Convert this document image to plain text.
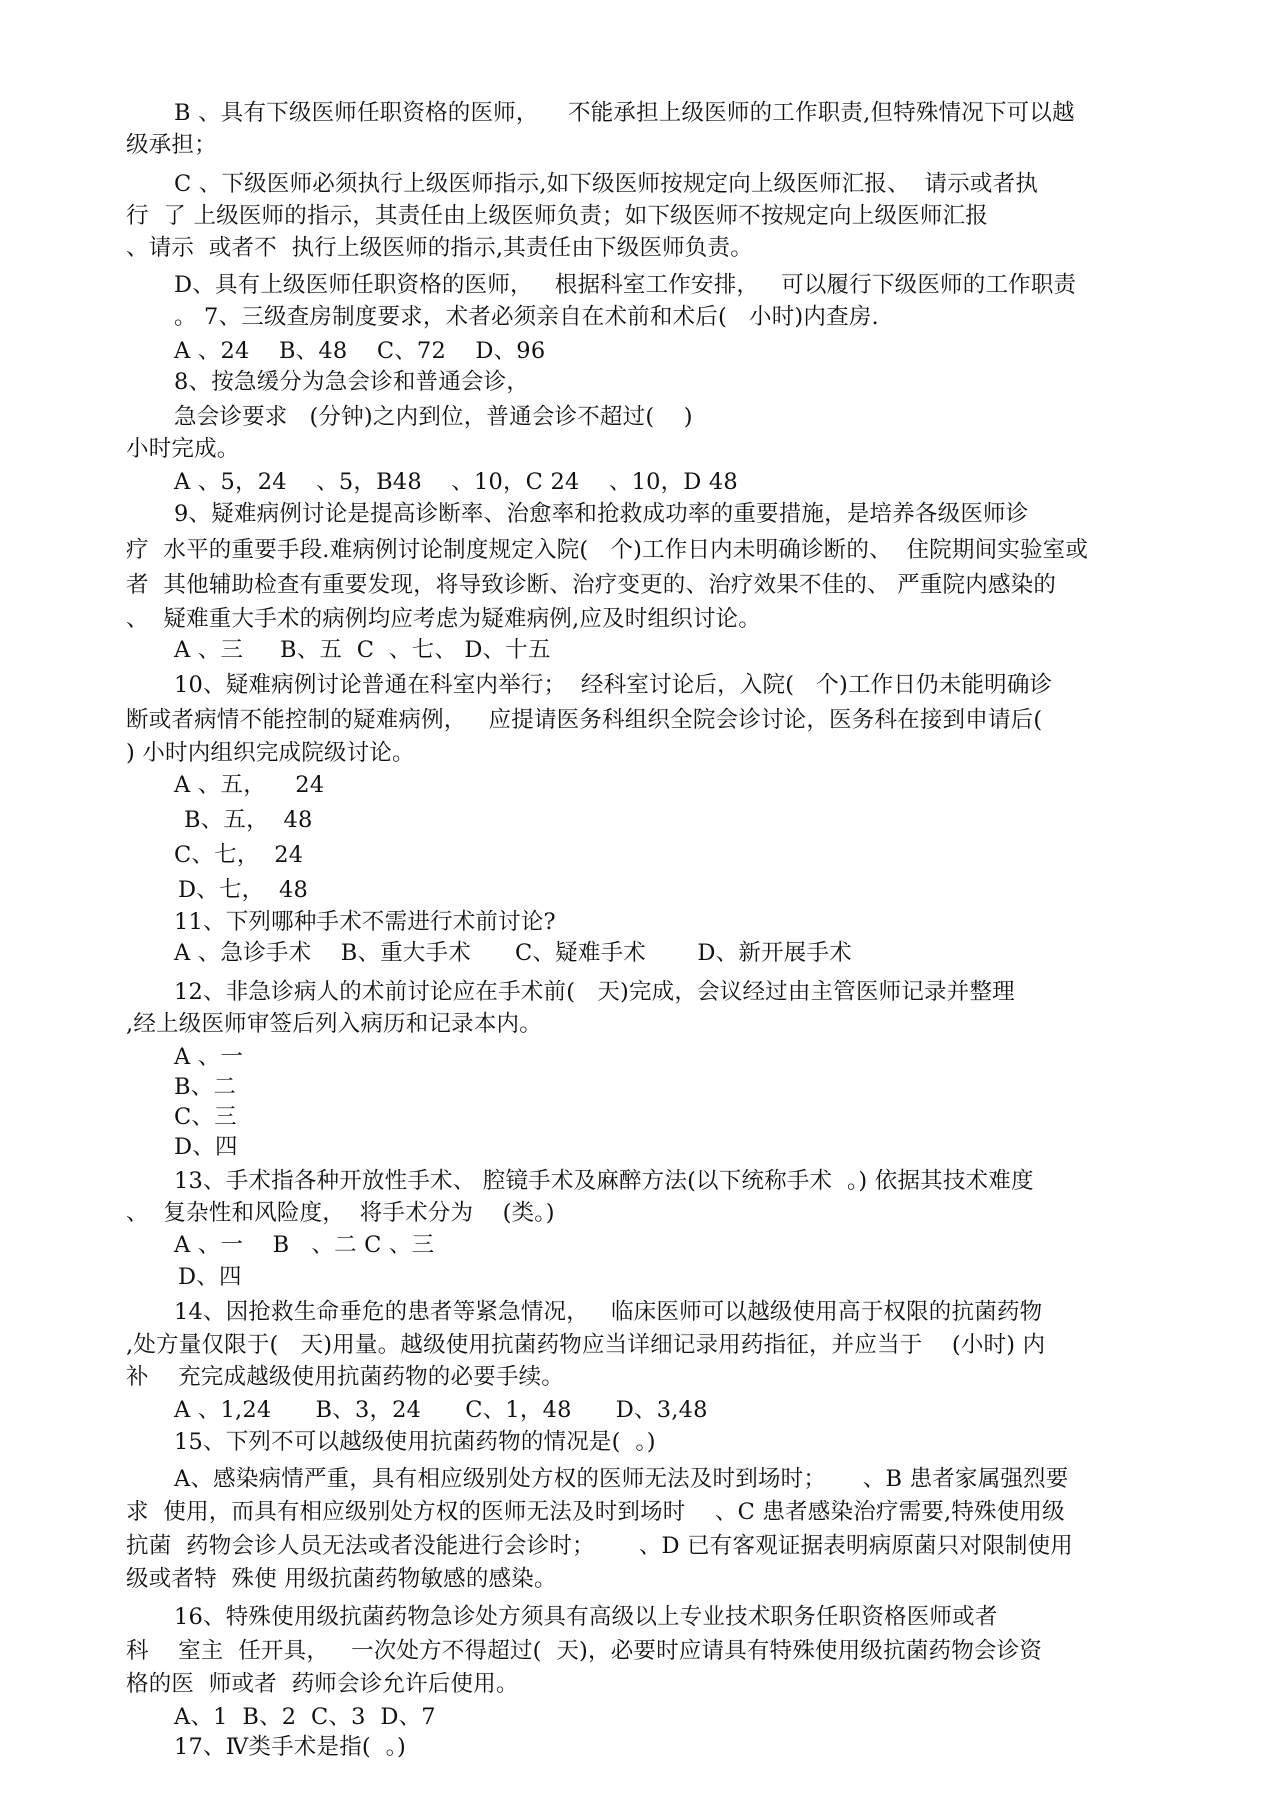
B 、具有下级医师任职资格的医师，    不能承担上级医师的工作职责,但特殊情况下可以越
级承担；
C 、下级医师必须执行上级医师指示,如下级医师按规定向上级医师汇报、  请示或者执
行  了 上级医师的指示，其责任由上级医师负责；如下级医师不按规定向上级医师汇报
、请示  或者不  执行上级医师的指示,其责任由下级医师负责。
D、具有上级医师任职资格的医师，   根据科室工作安排，   可以履行下级医师的工作职责
。 7、三级查房制度要求，术者必须亲自在术前和术后(   小时)内查房.
A 、24    B、48    C、72    D、96
8、按急缓分为急会诊和普通会诊，
急会诊要求   (分钟)之内到位，普通会诊不超过(    )
小时完成。
A 、5，24    、5，B48    、10，C 24    、10，D 48
9、疑难病例讨论是提高诊断率、治愈率和抢救成功率的重要措施，是培养各级医师诊
疗  水平的重要手段.难病例讨论制度规定入院(   个)工作日内未明确诊断的、  住院期间实验室或
者  其他辅助检查有重要发现，将导致诊断、治疗变更的、治疗效果不佳的、 严重院内感染的
、  疑难重大手术的病例均应考虑为疑难病例,应及时组织讨论。
A 、三     B、五  C  、七、 D、十五
10、疑难病例讨论普通在科室内举行；  经科室讨论后，入院(   个)工作日仍未能明确诊
断或者病情不能控制的疑难病例，   应提请医务科组织全院会诊讨论，医务科在接到申请后(
) 小时内组织完成院级讨论。
A 、五，    24
B、五，  48
C、七，  24
D、七，  48
11、下列哪种手术不需进行术前讨论?
A 、急诊手术    B、重大手术      C、疑难手术       D、新开展手术
12、非急诊病人的术前讨论应在手术前(   天)完成，会议经过由主管医师记录并整理
,经上级医师审签后列入病历和记录本内。
A 、一
B、二
C、三
D、四
13、手术指各种开放性手术、 腔镜手术及麻醉方法(以下统称手术  。) 依据其技术难度
、  复杂性和风险度，  将手术分为    (类。)
A 、一    B   、二 C 、三
D、四
14、因抢救生命垂危的患者等紧急情况，   临床医师可以越级使用高于权限的抗菌药物
,处方量仅限于(   天)用量。越级使用抗菌药物应当详细记录用药指征，并应当于    (小时) 内
补    充完成越级使用抗菌药物的必要手续。
A 、1,24      B、3，24      C、1，48      D、3,48
15、下列不可以越级使用抗菌药物的情况是(  。)
A、感染病情严重，具有相应级别处方权的医师无法及时到场时；     、B 患者家属强烈要
求  使用，而具有相应级别处方权的医师无法及时到场时    、C 患者感染治疗需要,特殊使用级
抗菌  药物会诊人员无法或者没能进行会诊时；      、D 已有客观证据表明病原菌只对限制使用
级或者特  殊使 用级抗菌药物敏感的感染。
16、特殊使用级抗菌药物急诊处方须具有高级以上专业技术职务任职资格医师或者
科    室主  任开具，   一次处方不得超过(  天)，必要时应请具有特殊使用级抗菌药物会诊资
格的医  师或者  药师会诊允许后使用。
A、1  B、2  C、3  D、7
17、Ⅳ类手术是指(  。)
